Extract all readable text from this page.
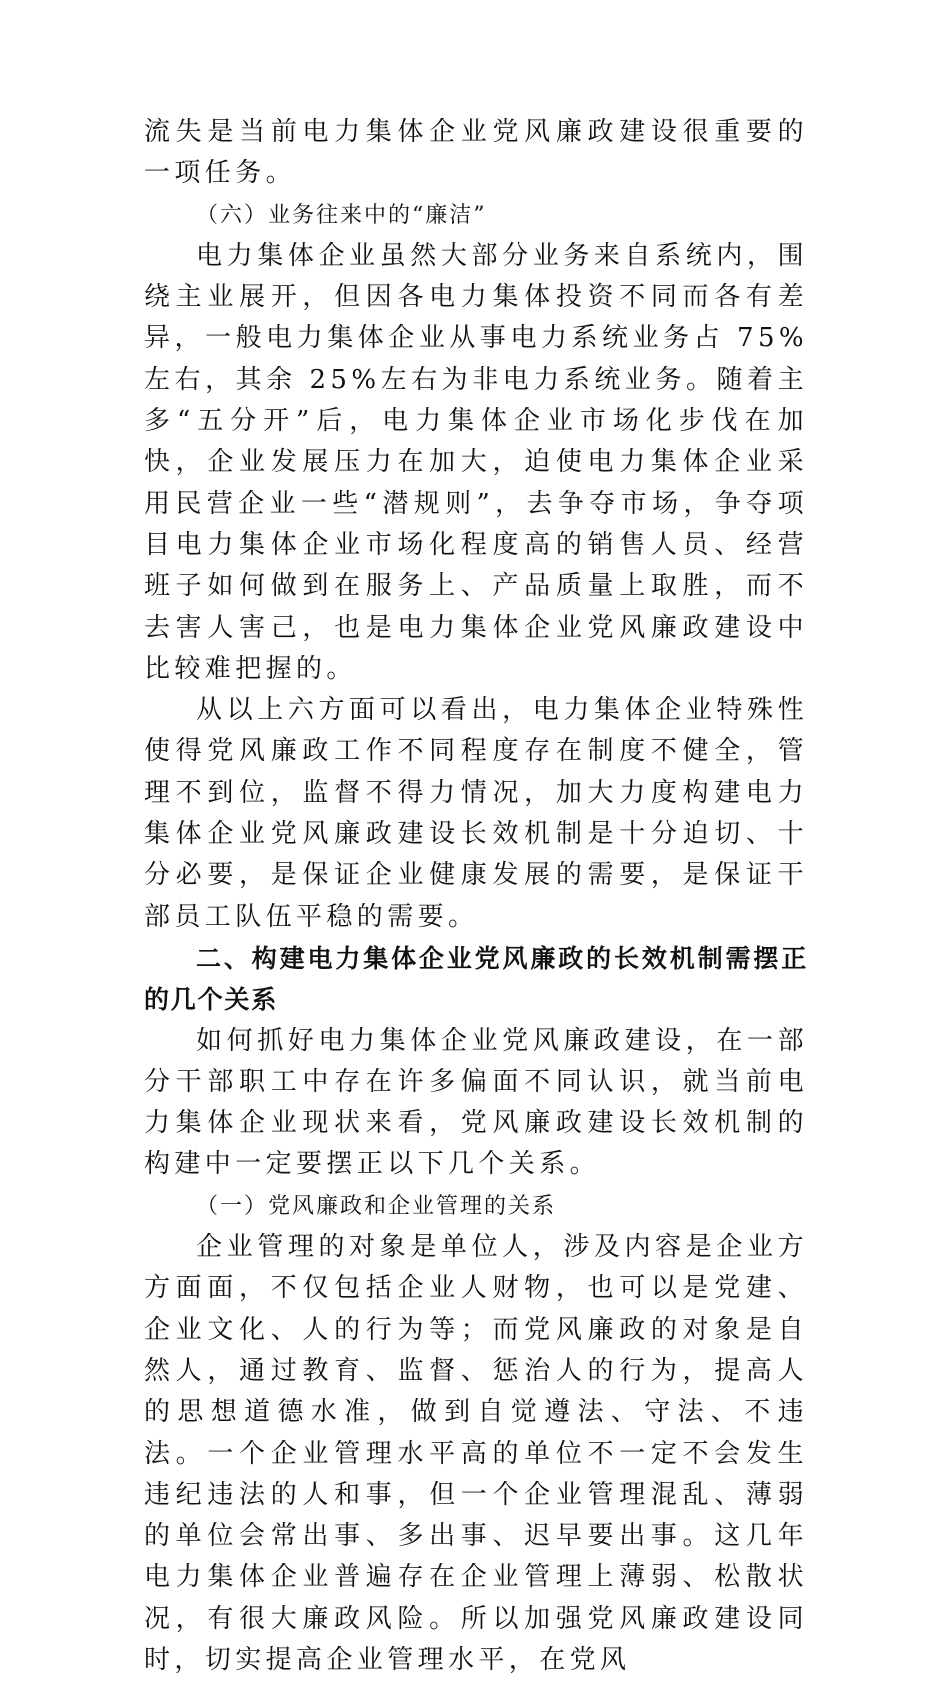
流失是当前电力集体企业党风廉政建设很重要的一项任务。

（六）业务往来中的“廉洁”

电力集体企业虽然大部分业务来自系统内，围绕主业展开，但因各电力集体投资不同而各有差异，一般电力集体企业从事电力系统业务占 75%左右，其余 25%左右为非电力系统业务。随着主多“五分开”后，电力集体企业市场化步伐在加快，企业发展压力在加大，迫使电力集体企业采用民营企业一些“潜规则”，去争夺市场，争夺项目电力集体企业市场化程度高的销售人员、经营班子如何做到在服务上、产品质量上取胜，而不去害人害己，也是电力集体企业党风廉政建设中比较难把握的。

从以上六方面可以看出，电力集体企业特殊性使得党风廉政工作不同程度存在制度不健全，管理不到位，监督不得力情况，加大力度构建电力集体企业党风廉政建设长效机制是十分迫切、十分必要，是保证企业健康发展的需要，是保证干部员工队伍平稳的需要。

二、构建电力集体企业党风廉政的长效机制需摆正的几个关系

如何抓好电力集体企业党风廉政建设，在一部分干部职工中存在许多偏面不同认识，就当前电力集体企业现状来看，党风廉政建设长效机制的构建中一定要摆正以下几个关系。

（一）党风廉政和企业管理的关系

企业管理的对象是单位人，涉及内容是企业方方面面，不仅包括企业人财物，也可以是党建、企业文化、人的行为等；而党风廉政的对象是自然人，通过教育、监督、惩治人的行为，提高人的思想道德水准，做到自觉遵法、守法、不违法。一个企业管理水平高的单位不一定不会发生违纪违法的人和事，但一个企业管理混乱、薄弱的单位会常出事、多出事、迟早要出事。这几年电力集体企业普遍存在企业管理上薄弱、松散状况，有很大廉政风险。所以加强党风廉政建设同时，切实提高企业管理水平，在党风
